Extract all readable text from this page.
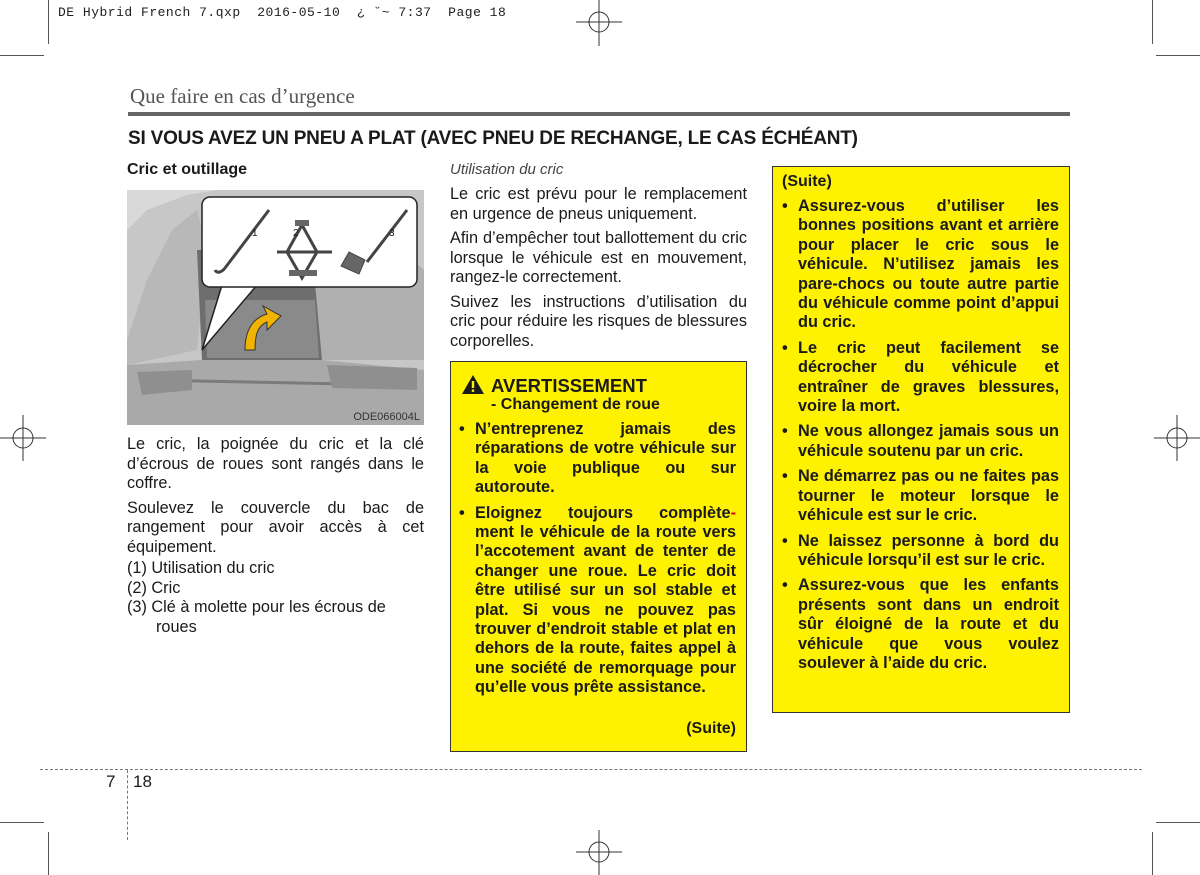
DE Hybrid French 7.qxp  2016-05-10  ¿ ˘~ 7:37  Page 18
Que faire en cas d’urgence
SI VOUS AVEZ UN PNEU A PLAT (AVEC PNEU DE RECHANGE, LE CAS ÉCHÉANT)
Cric et outillage
1	2	3
ODE066004L

Le cric, la poignée du cric et la clé d’écrous de roues sont rangés dans le coffre.

Soulevez le couvercle du bac de rangement pour avoir accès à cet équipement.

(1) Utilisation du cric
(2) Cric
(3) Clé à molette pour les écrous de roues
Utilisation du cric

Le cric est prévu pour le remplacement en urgence de pneus uniquement.

Afin d’empêcher tout ballottement du cric lorsque le véhicule est en mouvement, rangez-le correctement.

Suivez les instructions d’utilisation du cric pour réduire les risques de blessures corporelles.

AVERTISSEMENT
- Changement de roue
• N’entreprenez jamais des réparations de votre véhicule sur la voie publique ou sur autoroute.
• Eloignez toujours complète- ment le véhicule de la route vers l’accotement avant de tenter de changer une roue. Le cric doit être utilisé sur un sol stable et plat. Si vous ne pouvez pas trouver d’endroit stable et plat en dehors de la route, faites appel à une société de remorquage pour qu’elle vous prête assistance.
(Suite)
(Suite)
• Assurez-vous d’utiliser les bonnes positions avant et arrière pour placer le cric sous le véhicule. N’utilisez jamais les pare-chocs ou toute autre partie du véhicule comme point d’appui du cric.
• Le cric peut facilement se décrocher du véhicule et entraîner de graves blessures, voire la mort.
• Ne vous allongez jamais sous un véhicule soutenu par un cric.
• Ne démarrez pas ou ne faites pas tourner le moteur lorsque le véhicule est sur le cric.
• Ne laissez personne à bord du véhicule lorsqu’il est sur le cric.
• Assurez-vous que les enfants présents sont dans un endroit sûr éloigné de la route et du véhicule que vous voulez soulever à l’aide du cric.
7 18
